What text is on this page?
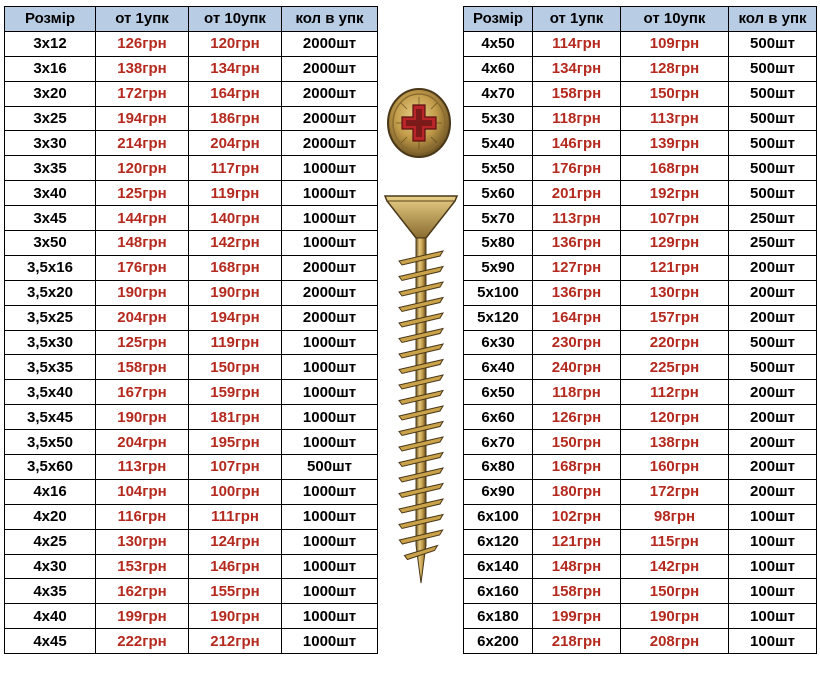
Розмір	от 1упк	от 10упк	кол в упк
3х12	126грн	120грн	2000шт
3х16	138грн	134грн	2000шт
3х20	172грн	164грн	2000шт
3х25	194грн	186грн	2000шт
3х30	214грн	204грн	2000шт
3х35	120грн	117грн	1000шт
3х40	125грн	119грн	1000шт
3х45	144грн	140грн	1000шт
3х50	148грн	142грн	1000шт
3,5х16	176грн	168грн	2000шт
3,5х20	190грн	190грн	2000шт
3,5х25	204грн	194грн	2000шт
3,5х30	125грн	119грн	1000шт
3,5х35	158грн	150грн	1000шт
3,5х40	167грн	159грн	1000шт
3,5х45	190грн	181грн	1000шт
3,5х50	204грн	195грн	1000шт
3,5х60	113грн	107грн	500шт
4х16	104грн	100грн	1000шт
4х20	116грн	111грн	1000шт
4х25	130грн	124грн	1000шт
4х30	153грн	146грн	1000шт
4х35	162грн	155грн	1000шт
4х40	199грн	190грн	1000шт
4х45	222грн	212грн	1000шт
Розмір	от 1упк	от 10упк	кол в упк
4х50	114грн	109грн	500шт
4х60	134грн	128грн	500шт
4х70	158грн	150грн	500шт
5х30	118грн	113грн	500шт
5х40	146грн	139грн	500шт
5х50	176грн	168грн	500шт
5х60	201грн	192грн	500шт
5х70	113грн	107грн	250шт
5х80	136грн	129грн	250шт
5х90	127грн	121грн	200шт
5х100	136грн	130грн	200шт
5х120	164грн	157грн	200шт
6х30	230грн	220грн	500шт
6х40	240грн	225грн	500шт
6х50	118грн	112грн	200шт
6х60	126грн	120грн	200шт
6х70	150грн	138грн	200шт
6х80	168грн	160грн	200шт
6х90	180грн	172грн	200шт
6х100	102грн	98грн	100шт
6х120	121грн	115грн	100шт
6х140	148грн	142грн	100шт
6х160	158грн	150грн	100шт
6х180	199грн	190грн	100шт
6х200	218грн	208грн	100шт
